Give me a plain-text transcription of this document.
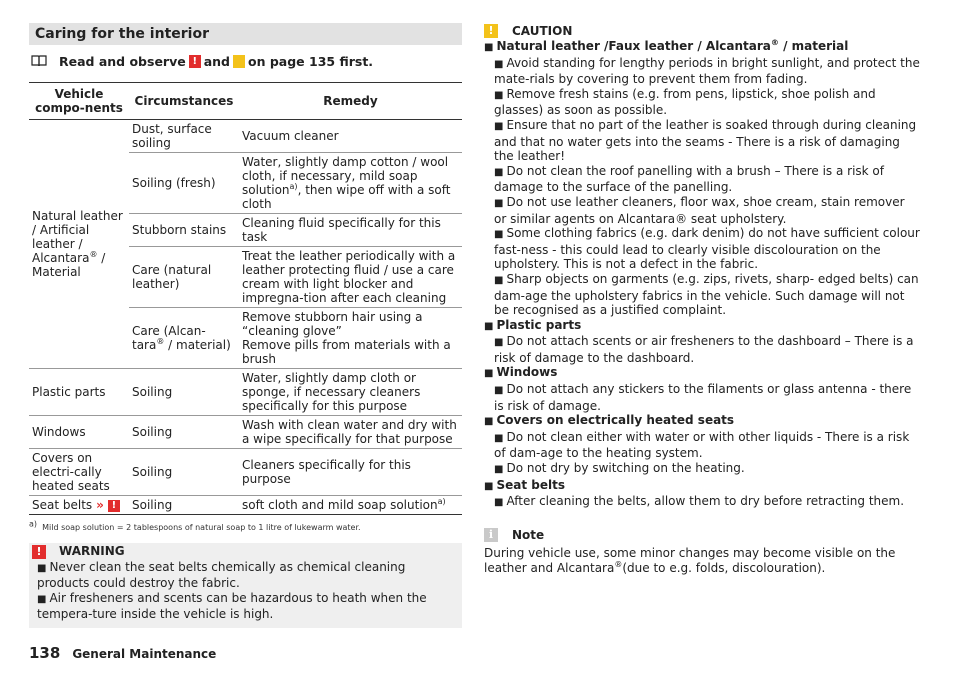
Caring for the interior
Read and observe ! and on page 135 first.
Vehicle compo-nents	Circumstances	Remedy
Natural leather / Artificial leather / Alcantara® / Material	Dust, surface soiling	Vacuum cleaner
	Soiling (fresh)	Water, slightly damp cotton / wool cloth, if necessary, mild soap solution$^{a)}$, then wipe off with a soft cloth
	Stubborn stains	Cleaning fluid specifically for this task
	Care (natural leather)	Treat the leather periodically with a leather protecting fluid / use a care cream with light blocker and impregna-tion after each cleaning
	Care (Alcan-tara® / material)	Remove stubborn hair using a “cleaning glove”
Remove pills from materials with a brush
Plastic parts	Soiling	Water, slightly damp cloth or sponge, if necessary cleaners specifically for this purpose
Windows	Soiling	Wash with clean water and dry with a wipe specifically for that purpose
Covers on electri-cally heated seats	Soiling	Cleaners specifically for this purpose
Seat belts » !	Soiling	soft cloth and mild soap solution$^{a)}$
$^{a)}$ Mild soap solution = 2 tablespoons of natural soap to 1 litre of lukewarm water.
!	WARNING
■ Never clean the seat belts chemically as chemical cleaning products could destroy the fabric.
■ Air fresheners and scents can be hazardous to heath when the tempera-ture inside the vehicle is high.
!	CAUTION
■ Natural leather /Faux leather / Alcantara® / material
■ Avoid standing for lengthy periods in bright sunlight, and protect the mate-rials by covering to prevent them from fading.
■ Remove fresh stains (e.g. from pens, lipstick, shoe polish and glasses) as soon as possible.
■ Ensure that no part of the leather is soaked through during cleaning and that no water gets into the seams - There is a risk of damaging the leather!
■ Do not clean the roof panelling with a brush – There is a risk of damage to the surface of the panelling.
■ Do not use leather cleaners, floor wax, shoe cream, stain remover or similar agents on Alcantara® seat upholstery.
■ Some clothing fabrics (e.g. dark denim) do not have sufficient colour fast-ness - this could lead to clearly visible discolouration on the upholstery. This is not a defect in the fabric.
■ Sharp objects on garments (e.g. zips, rivets, sharp- edged belts) can dam-age the upholstery fabrics in the vehicle. Such damage will not be recognised as a justified complaint.
■ Plastic parts
■ Do not attach scents or air fresheners to the dashboard – There is a risk of damage to the dashboard.
■ Windows
■ Do not attach any stickers to the filaments or glass antenna - there is risk of damage.
■ Covers on electrically heated seats
■ Do not clean either with water or with other liquids - There is a risk of dam-age to the heating system.
■ Do not dry by switching on the heating.
■ Seat belts
■ After cleaning the belts, allow them to dry before retracting them.
i	Note
During vehicle use, some minor changes may become visible on the leather and Alcantara®(due to e.g. folds, discolouration).
138 General Maintenance
